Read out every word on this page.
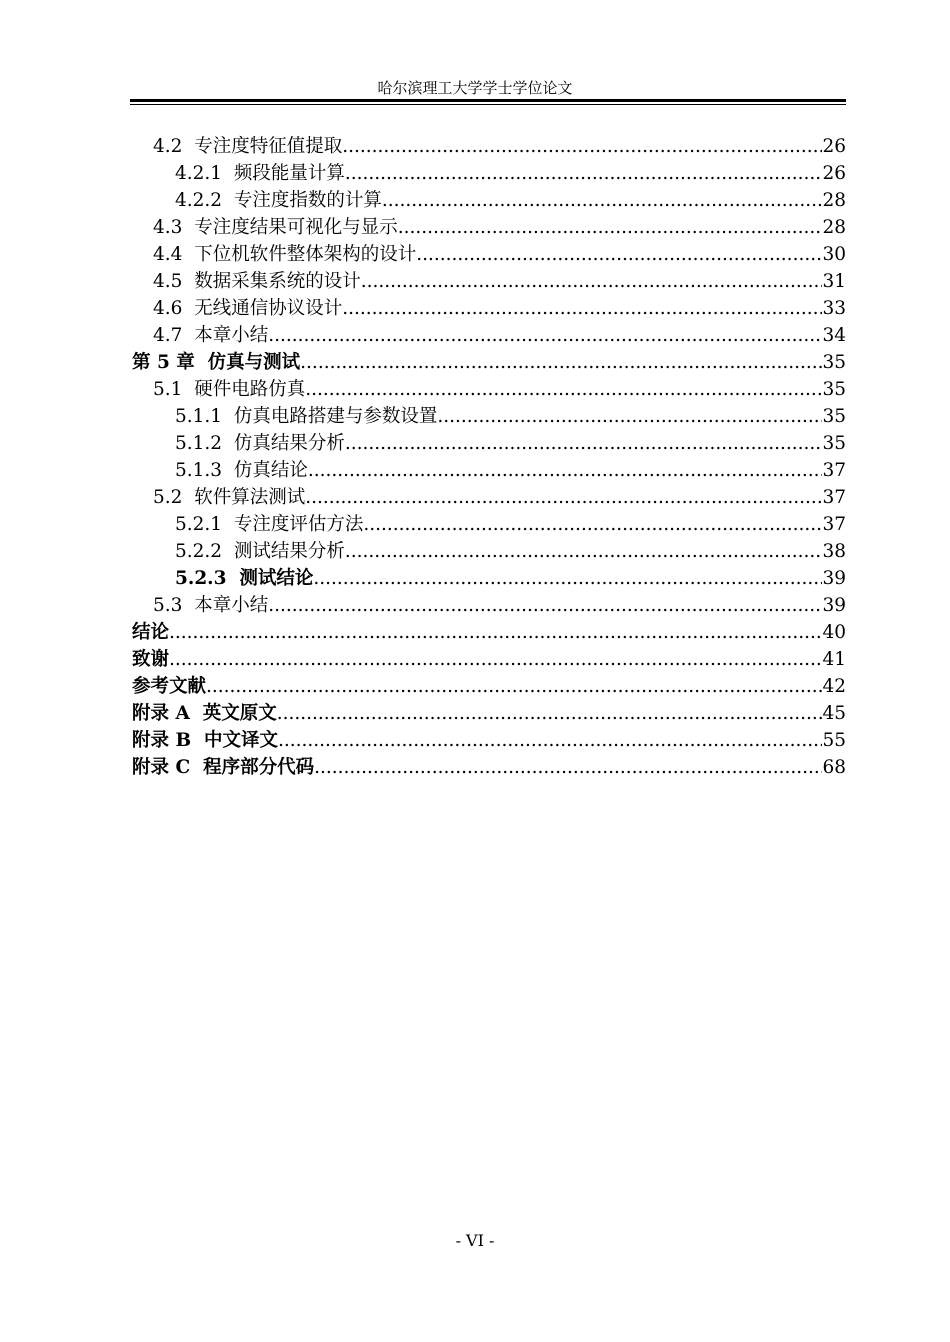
哈尔滨理工大学学士学位论文
4.2 专注度特征值提取 .....	26
4.2.1 频段能量计算 .....	26
4.2.2 专注度指数的计算 .....	28
4.3 专注度结果可视化与显示 .....	28
4.4 下位机软件整体架构的设计 .....	30
4.5 数据采集系统的设计 .....	31
4.6 无线通信协议设计 .....	33
4.7 本章小结 .....	34
第 5 章 仿真与测试 .....	35
5.1 硬件电路仿真 .....	35
5.1.1 仿真电路搭建与参数设置 .....	35
5.1.2 仿真结果分析 .....	35
5.1.3 仿真结论 .....	37
5.2 软件算法测试 .....	37
5.2.1 专注度评估方法 .....	37
5.2.2 测试结果分析 .....	38
5.2.3 测试结论 .....	39
5.3 本章小结 .....	39
结论 .....	40
致谢 .....	41
参考文献 .....	42
附录 A 英文原文 .....	45
附录 B 中文译文 .....	55
附录 C 程序部分代码 .....	68
- VI -
